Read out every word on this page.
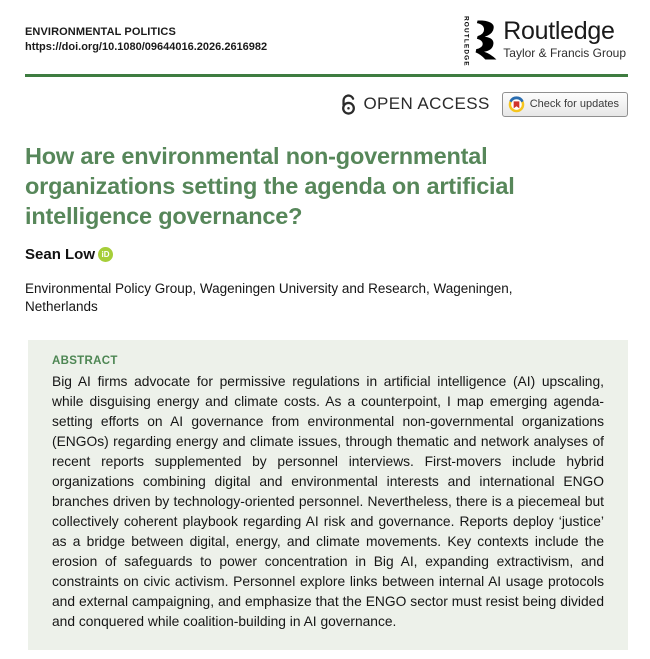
ENVIRONMENTAL POLITICS
https://doi.org/10.1080/09644016.2026.2616982	ROUTLEDGE Routledge
Taylor & Francis Group
OPEN ACCESS	Check for updates
How are environmental non-governmental
organizations setting the agenda on artificial
intelligence governance?
Sean Low iD
Environmental Policy Group, Wageningen University and Research, Wageningen, Netherlands
ABSTRACT
Big AI firms advocate for permissive regulations in artificial intelligence (AI) upscaling, while disguising energy and climate costs. As a counterpoint, I map emerging agenda-setting efforts on AI governance from environmental non-governmental organizations (ENGOs) regarding energy and climate issues, through thematic and network analyses of recent reports supplemented by personnel interviews. First-movers include hybrid organizations combining digital and environmental interests and international ENGO branches driven by technology-oriented personnel. Nevertheless, there is a piecemeal but collectively coherent playbook regarding AI risk and governance. Reports deploy ‘justice’ as a bridge between digital, energy, and climate movements. Key contexts include the erosion of safeguards to power concentration in Big AI, expanding extractivism, and constraints on civic activism. Personnel explore links between internal AI usage protocols and external campaigning, and emphasize that the ENGO sector must resist being divided and conquered while coalition-building in AI governance.
